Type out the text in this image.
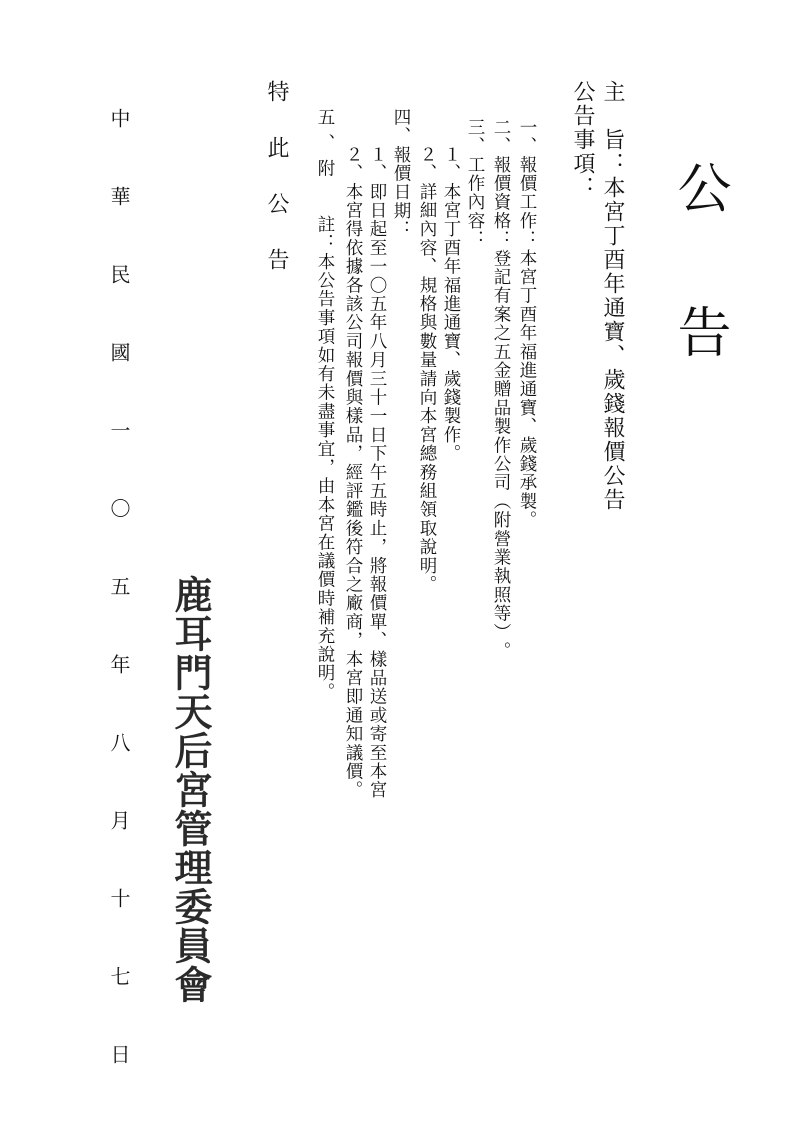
公告
主　旨：本宮丁酉年通寶、歲錢報價公告
公告事項：
一、報價工作：本宮丁酉年福進通寶、歲錢承製。
二、報價資格：登記有案之五金贈品製作公司︵附營業執照等︶。
三、工作內容：
１、本宮丁酉年福進通寶、歲錢製作。
２、詳細內容、規格與數量請向本宮總務組領取說明。
四、報價日期：
１、即日起至一〇五年八月三十一日下午五時止，將報價單、樣品送或寄至本宮
２、本宮得依據各該公司報價與樣品，經評鑑後符合之廠商，本宮即通知議價。
五、附
註：本公告事項如有未盡事宜，由本宮在議價時補充說明。
特此公告
鹿耳門天后宮管理委員會
中華民國一〇五年八月十七日
